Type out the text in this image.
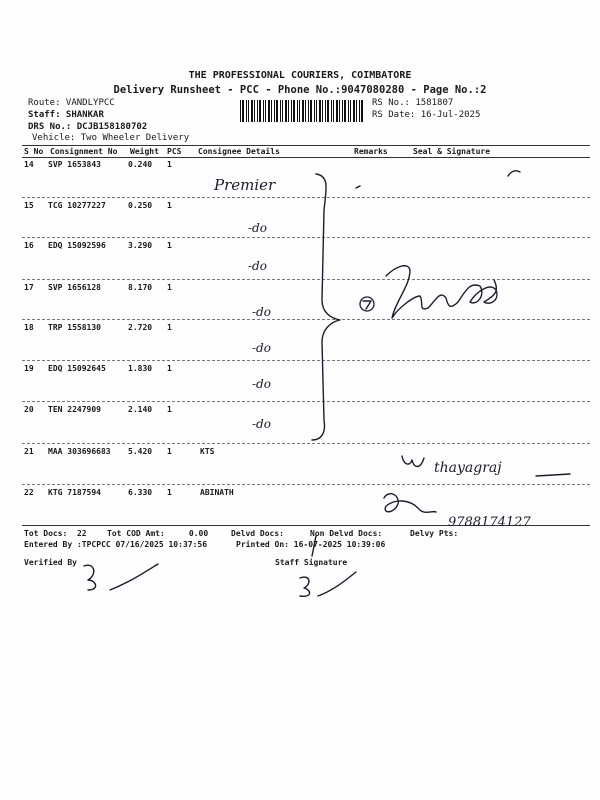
THE PROFESSIONAL COURIERS, COIMBATORE
Delivery Runsheet - PCC - Phone No.:9047080280 - Page No.:2
Route: VANDLYPCC
Staff: SHANKAR
DRS No.: DCJB158180702
Vehicle: Two Wheeler Delivery
RS No.: 1581807
RS Date: 16-Jul-2025
S No Consignment No Weight PCS Consignee Details	Remarks	Seal & Signature
14 SVP 1653843	0.240 1
15 TCG 10277227	0.250 1
16 EDQ 15092596	3.290 1
17 SVP 1656128	8.170 1
18 TRP 1558130	2.720 1
19 EDQ 15092645	1.830 1
20 TEN 2247909	2.140 1
21 MAA 303696683 5.420 1	KTS
22 KTG 7187594	6.330 1	ABINATH
Tot Docs:  22	Tot COD Amt:     0.00	Delvd Docs:	Non Delvd Docs:	Delvy Pts:
Entered By :TPCPCC 07/16/2025 10:37:56	Printed On: 16-07-2025 10:39:06
Verified By	Staff Signature
Premier
-do
-do
-do
-do
-do
-do
thayagraj
9788174127
